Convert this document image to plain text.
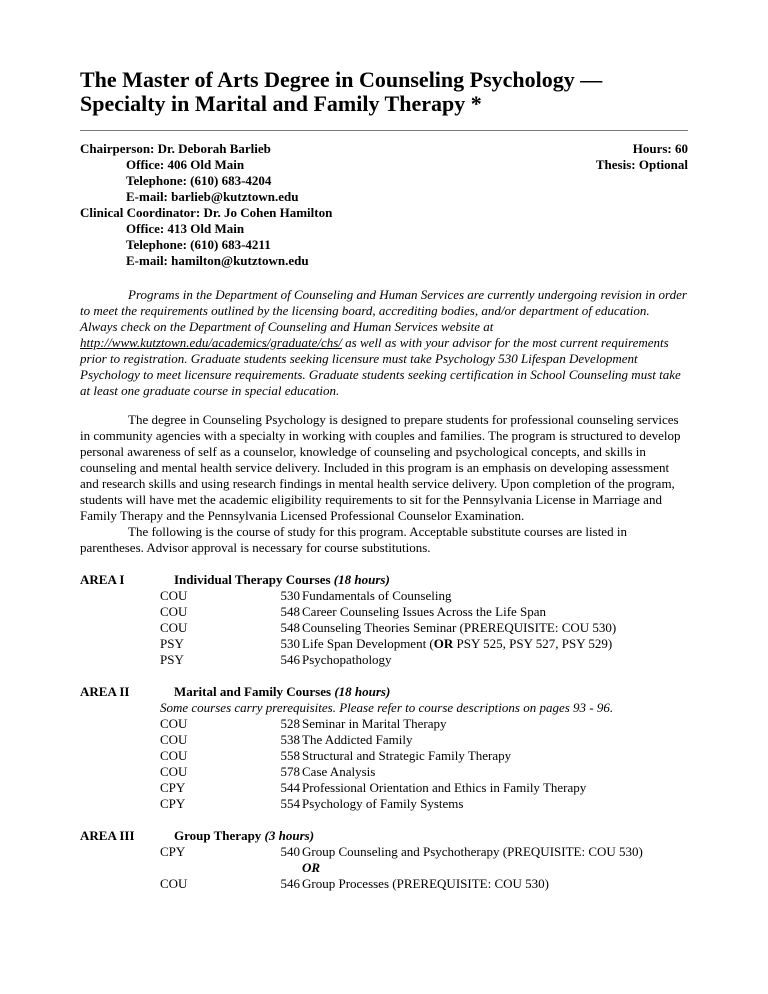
The Master of Arts Degree in Counseling Psychology —
Specialty in Marital and Family Therapy *
Chairperson: Dr. Deborah Barlieb
Office: 406 Old Main
Telephone: (610) 683-4204
E-mail: barlieb@kutztown.edu
Clinical Coordinator: Dr. Jo Cohen Hamilton
Office: 413 Old Main
Telephone: (610) 683-4211
E-mail: hamilton@kutztown.edu
Hours: 60
Thesis: Optional

Programs in the Department of Counseling and Human Services are currently undergoing revision in order to meet the requirements outlined by the licensing board, accrediting bodies, and/or department of education. Always check on the Department of Counseling and Human Services website at http://www.kutztown.edu/academics/graduate/chs/ as well as with your advisor for the most current requirements prior to registration. Graduate students seeking licensure must take Psychology 530 Lifespan Development Psychology to meet licensure requirements. Graduate students seeking certification in School Counseling must take at least one graduate course in special education.

The degree in Counseling Psychology is designed to prepare students for professional counseling services in community agencies with a specialty in working with couples and families. The program is structured to develop personal awareness of self as a counselor, knowledge of counseling and psychological concepts, and skills in counseling and mental health service delivery. Included in this program is an emphasis on developing assessment and research skills and using research findings in mental health service delivery. Upon completion of the program, students will have met the academic eligibility requirements to sit for the Pennsylvania License in Marriage and Family Therapy and the Pennsylvania Licensed Professional Counselor Examination.

The following is the course of study for this program. Acceptable substitute courses are listed in parentheses. Advisor approval is necessary for course substitutions.

AREA I	Individual Therapy Courses (18 hours)
COU	530 Fundamentals of Counseling
COU	548 Career Counseling Issues Across the Life Span
COU	548 Counseling Theories Seminar (PREREQUISITE: COU 530)
PSY	530 Life Span Development (OR PSY 525, PSY 527, PSY 529)
PSY	546 Psychopathology
AREA II	Marital and Family Courses (18 hours)
Some courses carry prerequisites. Please refer to course descriptions on pages 93 - 96.
COU	528 Seminar in Marital Therapy
COU	538 The Addicted Family
COU	558 Structural and Strategic Family Therapy
COU	578 Case Analysis
CPY	544 Professional Orientation and Ethics in Family Therapy
CPY	554 Psychology of Family Systems
AREA III	Group Therapy (3 hours)
CPY	540 Group Counseling and Psychotherapy (PREQUISITE: COU 530)
OR
COU	546 Group Processes (PREREQUISITE: COU 530)
